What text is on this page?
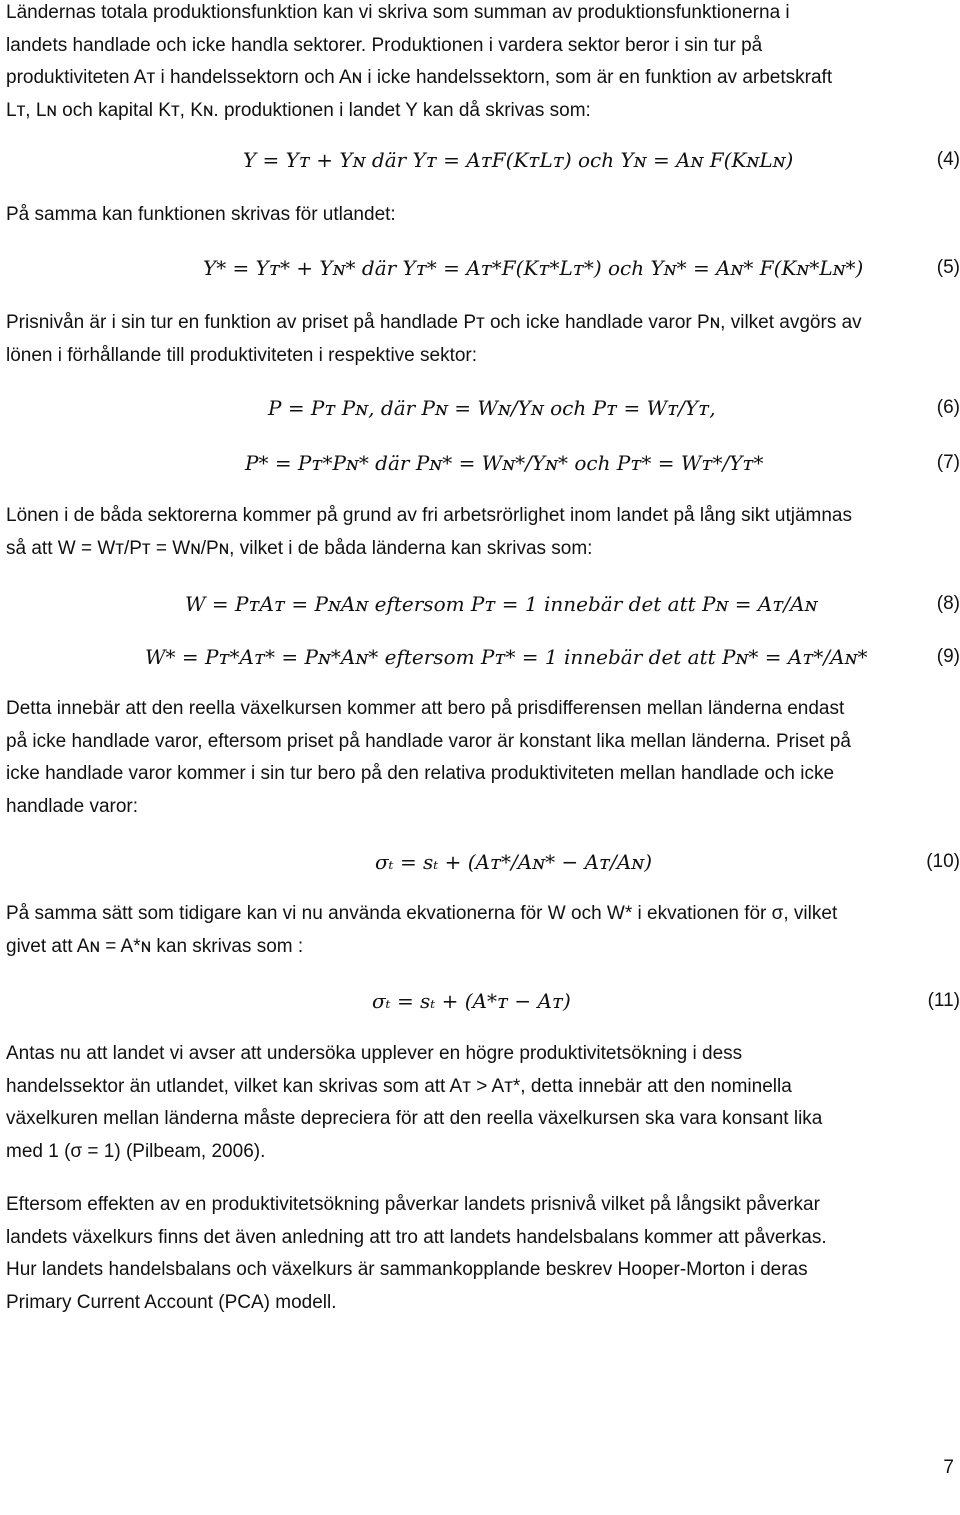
Ländernas totala produktionsfunktion kan vi skriva som summan av produktionsfunktionerna i
landets handlade och icke handla sektorer. Produktionen i vardera sektor beror i sin tur på
produktiviteten Aᴛ i handelssektorn och Aɴ i icke handelssektorn, som är en funktion av arbetskraft
Lᴛ, Lɴ och kapital Kᴛ, Kɴ. produktionen i landet Y kan då skrivas som:
Y = Yᴛ + Yɴ där Yᴛ = AᴛF(KᴛLᴛ) och Yɴ = Aɴ F(KɴLɴ)	(4)
På samma kan funktionen skrivas för utlandet:
Y* = Yᴛ* + Yɴ* där Yᴛ* = Aᴛ*F(Kᴛ*Lᴛ*) och Yɴ* = Aɴ* F(Kɴ*Lɴ*)	(5)
Prisnivån är i sin tur en funktion av priset på handlade Pᴛ och icke handlade varor Pɴ, vilket avgörs av
lönen i förhållande till produktiviteten i respektive sektor:
P = Pᴛ Pɴ, där Pɴ = Wɴ/Yɴ och Pᴛ = Wᴛ/Yᴛ,	(6)
P* = Pᴛ*Pɴ* där Pɴ* = Wɴ*/Yɴ* och Pᴛ* = Wᴛ*/Yᴛ*	(7)
Lönen i de båda sektorerna kommer på grund av fri arbetsrörlighet inom landet på lång sikt utjämnas
så att W = Wᴛ/Pᴛ = Wɴ/Pɴ, vilket i de båda länderna kan skrivas som:
W = PᴛAᴛ = PɴAɴ eftersom Pᴛ = 1 innebär det att Pɴ = Aᴛ/Aɴ	(8)
W* = Pᴛ*Aᴛ* = Pɴ*Aɴ* eftersom Pᴛ* = 1 innebär det att Pɴ* = Aᴛ*/Aɴ*	(9)
Detta innebär att den reella växelkursen kommer att bero på prisdifferensen mellan länderna endast
på icke handlade varor, eftersom priset på handlade varor är konstant lika mellan länderna. Priset på
icke handlade varor kommer i sin tur bero på den relativa produktiviteten mellan handlade och icke
handlade varor:
σₜ = sₜ + (Aᴛ*/Aɴ* − Aᴛ/Aɴ)	(10)
På samma sätt som tidigare kan vi nu använda ekvationerna för W och W* i ekvationen för σ, vilket
givet att Aɴ = A*ɴ kan skrivas som :
σₜ = sₜ + (A*ᴛ − Aᴛ)	(11)
Antas nu att landet vi avser att undersöka upplever en högre produktivitetsökning i dess
handelssektor än utlandet, vilket kan skrivas som att Aᴛ > Aᴛ*, detta innebär att den nominella
växelkuren mellan länderna måste depreciera för att den reella växelkursen ska vara konsant lika
med 1 (σ = 1) (Pilbeam, 2006).
Eftersom effekten av en produktivitetsökning påverkar landets prisnivå vilket på långsikt påverkar
landets växelkurs finns det även anledning att tro att landets handelsbalans kommer att påverkas.
Hur landets handelsbalans och växelkurs är sammankopplande beskrev Hooper-Morton i deras
Primary Current Account (PCA) modell.
7
